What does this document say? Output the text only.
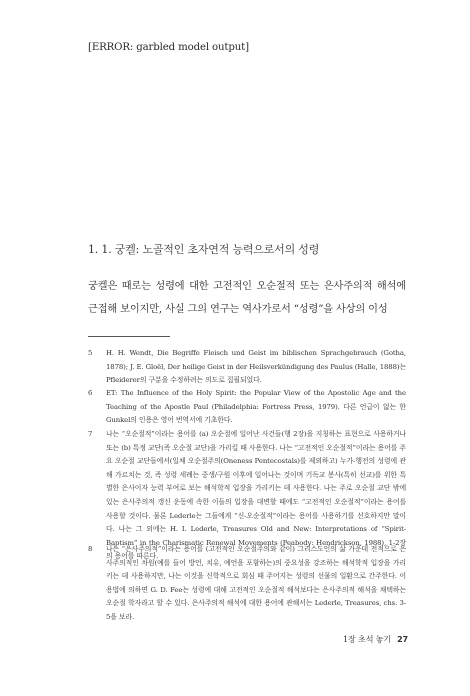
[ERROR: garbled model output]

1. 1. 궁켈: 노골적인 초자연적 능력으로서의 성령

궁켈은 때로는 성령에 대한 고전적인 오순절적 또는 은사주의적 해석에 근접해 보이지만, 사실 그의 연구는 역사가로서 “성령”을 사상의 이성

5	H. H. Wendt, Die Begriffe Fleisch und Geist im biblischen Sprachgebrauch (Gotha, 1878); J. E. Gloël, Der heilige Geist in der Heilsverkündigung des Paulus (Halle, 1888)는 Pfleiderer의 구분을 수정하려는 의도로 집필되었다.
6	ET: The Influence of the Holy Spirit: the Popular View of the Apostolic Age and the Teaching of the Apostle Paul (Philadelphia: Fortress Press, 1979). 다른 언급이 없는 한 Gunkel의 인용은 영어 번역서에 기초한다.
7	나는 “오순절적”이라는 용어를 (a) 오순절에 일어난 사건들(행 2장)을 지칭하는 표현으로 사용하거나 또는 (b) 특정 교단(즉 오순절 교단)을 가리킬 때 사용한다. 나는 “고전적인 오순절적”이라는 용어를 주요 오순절 교단들에서(일체 오순절주의(Oneness Pentecostals)를 제외하고) 누가-행전의 성령에 관해 가르치는 것, 즉 성령 세례는 중생/구원 이후에 일어나는 것이며 기독교 봉사(특히 선교)를 위한 특별한 은사이자 능력 부여로 보는 해석학적 입장을 가리키는 데 사용한다. 나는 주로 오순절 교단 밖에 있는 은사주의적 갱신 운동에 속한 이들의 입장을 대변할 때에도 “고전적인 오순절적”이라는 용어를 사용할 것이다. 물론 Lederle는 그들에게 “신-오순절적”이라는 용어를 사용하기를 선호하지만 말이다. 나는 그 외에는 H. I. Lederle, Treasures Old and New: Interpretations of “Spirit-Baptism” in the Charismatic Renewal Movements (Peabody: Hendrickson, 1988), 1-2장의 용어를 따른다.
8	나는 “은사주의적”이라는 용어를 (고전적인 오순절주의와 같이) 그리스도인의 삶 가운데 전적으로 은사주의적인 차원(예를 들어 방언, 치유, 예언을 포함하는)의 중요성을 강조하는 해석학적 입장을 가리키는 데 사용하지만, 나는 이것을 신학적으로 회심 때 주어지는 성령의 선물의 일환으로 간주한다. 이 용법에 의하면 G. D. Fee는 성령에 대해 고전적인 오순절적 해석보다는 은사주의적 해석을 채택하는 오순절 학자라고 할 수 있다. 은사주의적 해석에 대한 용어에 관해서는 Lederle, Treasures, chs. 3-5을 보라.
1장 초석 놓기 27
